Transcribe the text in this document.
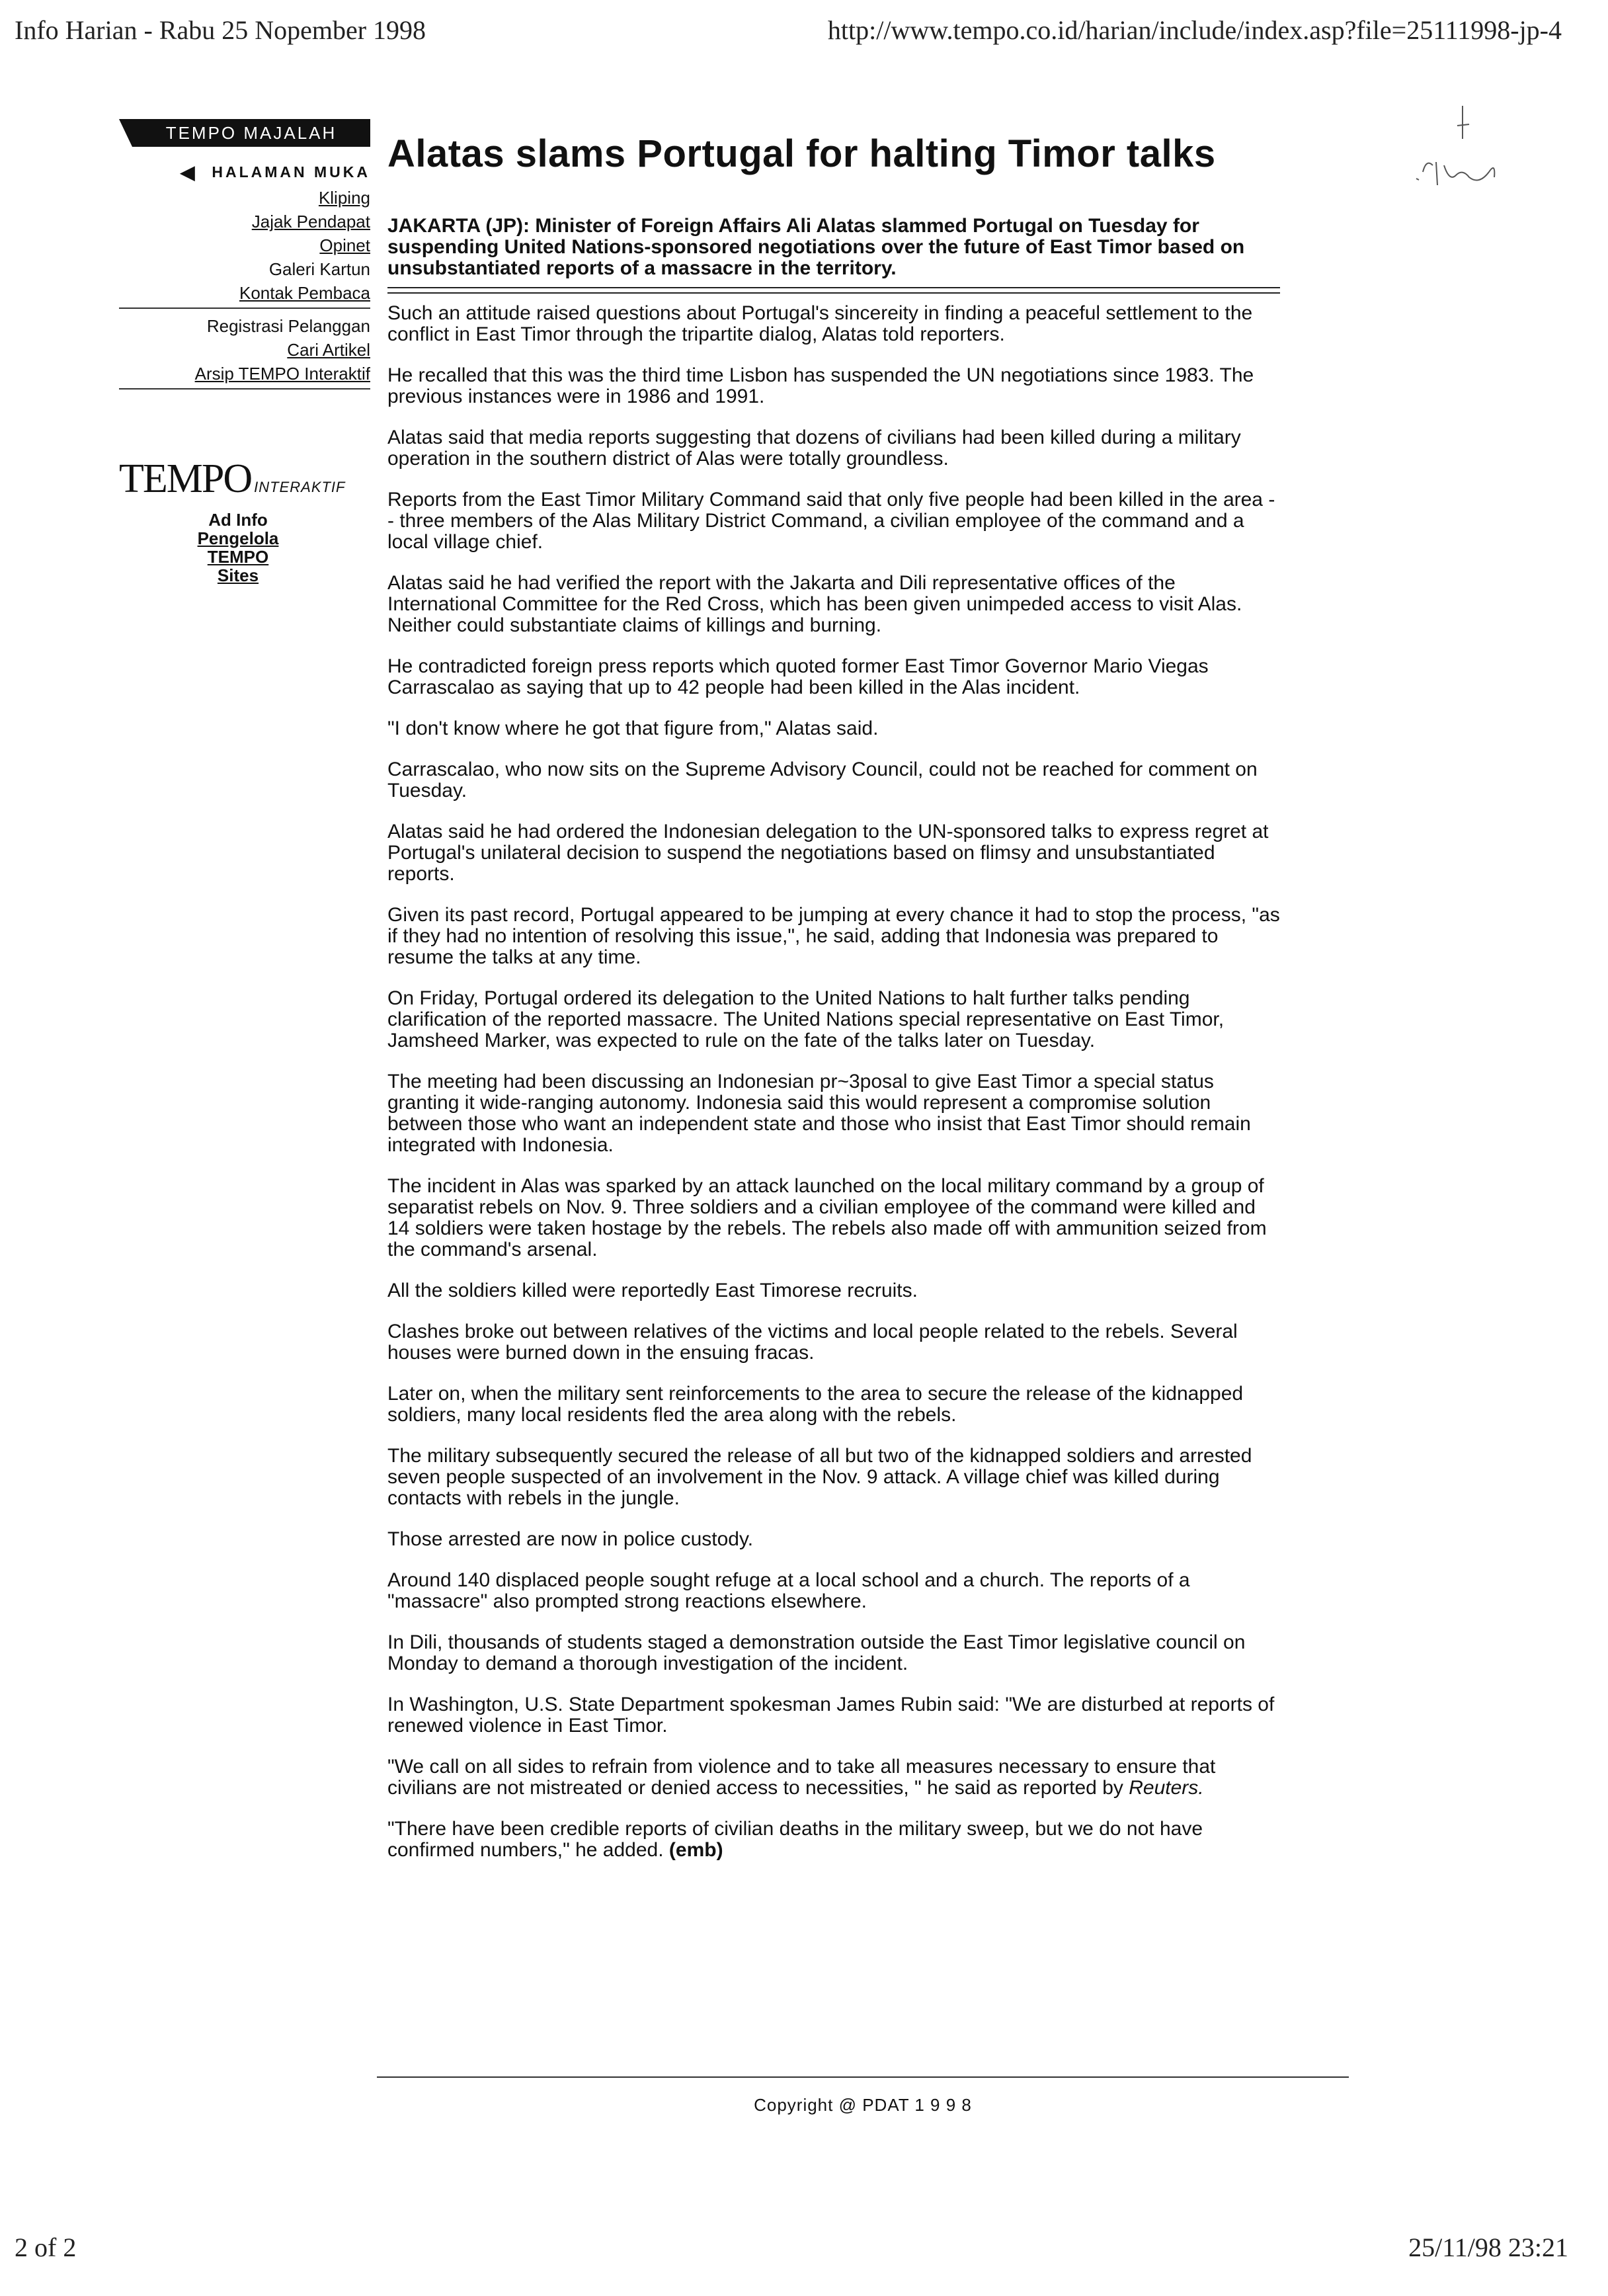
Info Harian - Rabu 25 Nopember 1998	http://www.tempo.co.id/harian/include/index.asp?file=25111998-jp-4
TEMPO MAJALAH
◀ HALAMAN MUKA
Kliping
Jajak Pendapat
Opinet
Galeri Kartun
Kontak Pembaca
Registrasi Pelanggan
Cari Artikel
Arsip TEMPO Interaktif
TEMPO INTERAKTIF
Ad Info
Pengelola
TEMPO Sites
Alatas slams Portugal for halting Timor talks
JAKARTA (JP): Minister of Foreign Affairs Ali Alatas slammed Portugal on Tuesday for suspending United Nations-sponsored negotiations over the future of East Timor based on unsubstantiated reports of a massacre in the territory.

Such an attitude raised questions about Portugal's sincereity in finding a peaceful settlement to the conflict in East Timor through the tripartite dialog, Alatas told reporters.

He recalled that this was the third time Lisbon has suspended the UN negotiations since 1983. The previous instances were in 1986 and 1991.

Alatas said that media reports suggesting that dozens of civilians had been killed during a military operation in the southern district of Alas were totally groundless.

Reports from the East Timor Military Command said that only five people had been killed in the area -- three members of the Alas Military District Command, a civilian employee of the command and a local village chief.

Alatas said he had verified the report with the Jakarta and Dili representative offices of the International Committee for the Red Cross, which has been given unimpeded access to visit Alas. Neither could substantiate claims of killings and burning.

He contradicted foreign press reports which quoted former East Timor Governor Mario Viegas Carrascalao as saying that up to 42 people had been killed in the Alas incident.

"I don't know where he got that figure from," Alatas said.

Carrascalao, who now sits on the Supreme Advisory Council, could not be reached for comment on Tuesday.

Alatas said he had ordered the Indonesian delegation to the UN-sponsored talks to express regret at Portugal's unilateral decision to suspend the negotiations based on flimsy and unsubstantiated reports.

Given its past record, Portugal appeared to be jumping at every chance it had to stop the process, "as if they had no intention of resolving this issue,", he said, adding that Indonesia was prepared to resume the talks at any time.

On Friday, Portugal ordered its delegation to the United Nations to halt further talks pending clarification of the reported massacre. The United Nations special representative on East Timor, Jamsheed Marker, was expected to rule on the fate of the talks later on Tuesday.

The meeting had been discussing an Indonesian pr~3posal to give East Timor a special status granting it wide-ranging autonomy. Indonesia said this would represent a compromise solution between those who want an independent state and those who insist that East Timor should remain integrated with Indonesia.

The incident in Alas was sparked by an attack launched on the local military command by a group of separatist rebels on Nov. 9. Three soldiers and a civilian employee of the command were killed and 14 soldiers were taken hostage by the rebels. The rebels also made off with ammunition seized from the command's arsenal.

All the soldiers killed were reportedly East Timorese recruits.

Clashes broke out between relatives of the victims and local people related to the rebels. Several houses were burned down in the ensuing fracas.

Later on, when the military sent reinforcements to the area to secure the release of the kidnapped soldiers, many local residents fled the area along with the rebels.

The military subsequently secured the release of all but two of the kidnapped soldiers and arrested seven people suspected of an involvement in the Nov. 9 attack. A village chief was killed during contacts with rebels in the jungle.

Those arrested are now in police custody.

Around 140 displaced people sought refuge at a local school and a church. The reports of a "massacre" also prompted strong reactions elsewhere.

In Dili, thousands of students staged a demonstration outside the East Timor legislative council on Monday to demand a thorough investigation of the incident.

In Washington, U.S. State Department spokesman James Rubin said: "We are disturbed at reports of renewed violence in East Timor.

"We call on all sides to refrain from violence and to take all measures necessary to ensure that civilians are not mistreated or denied access to necessities, " he said as reported by Reuters.

"There have been credible reports of civilian deaths in the military sweep, but we do not have confirmed numbers," he added. (emb)

Copyright @ PDAT 1 9 9 8
2 of 2	25/11/98 23:21
